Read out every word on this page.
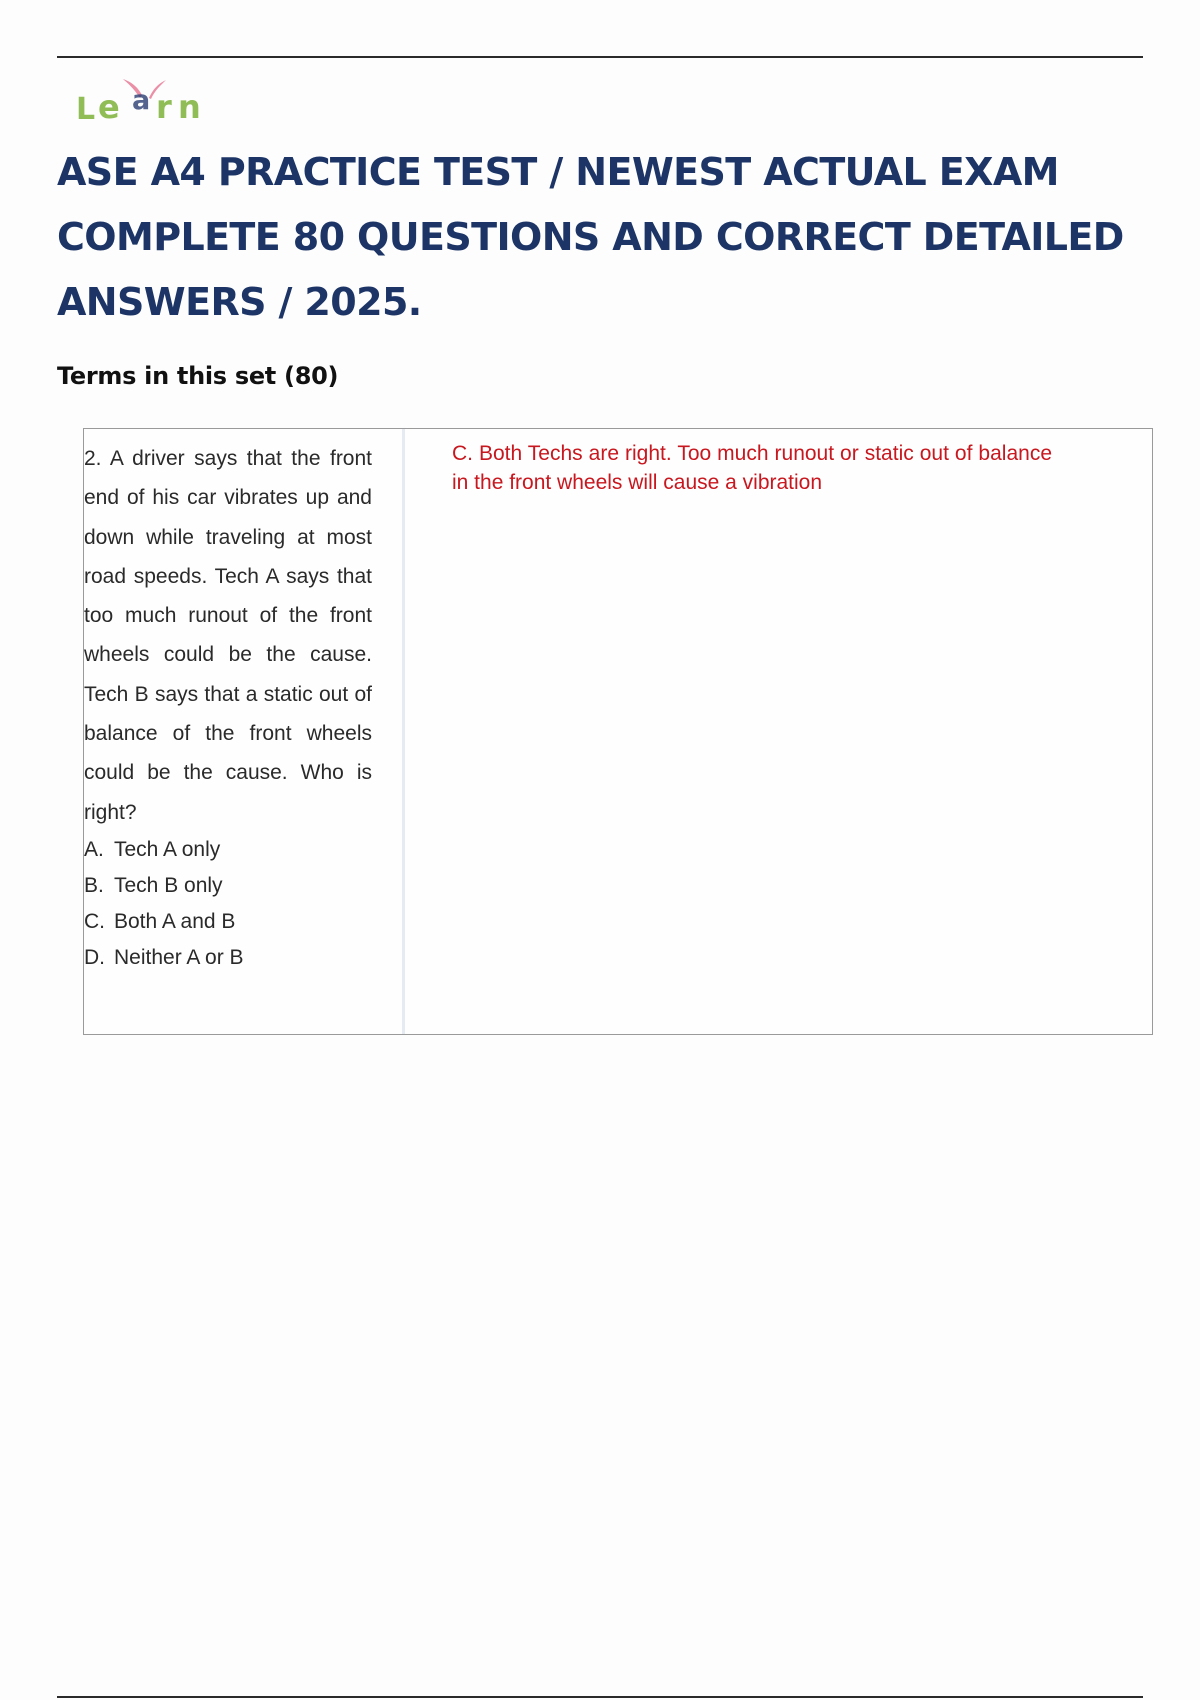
L e a r n
ASE A4 PRACTICE TEST / NEWEST ACTUAL EXAM
COMPLETE 80 QUESTIONS AND CORRECT DETAILED
ANSWERS / 2025.
Terms in this set (80)

2. A driver says that the front end of his car vibrates up and down while traveling at most road speeds. Tech A says that too much runout of the front wheels could be the cause. Tech B says that a static out of balance of the front wheels could be the cause. Who is right?

A. Tech A only
B. Tech B only
C. Both A and B
D. Neither A or B

C. Both Techs are right. Too much runout or static out of balance in the front wheels will cause a vibration
